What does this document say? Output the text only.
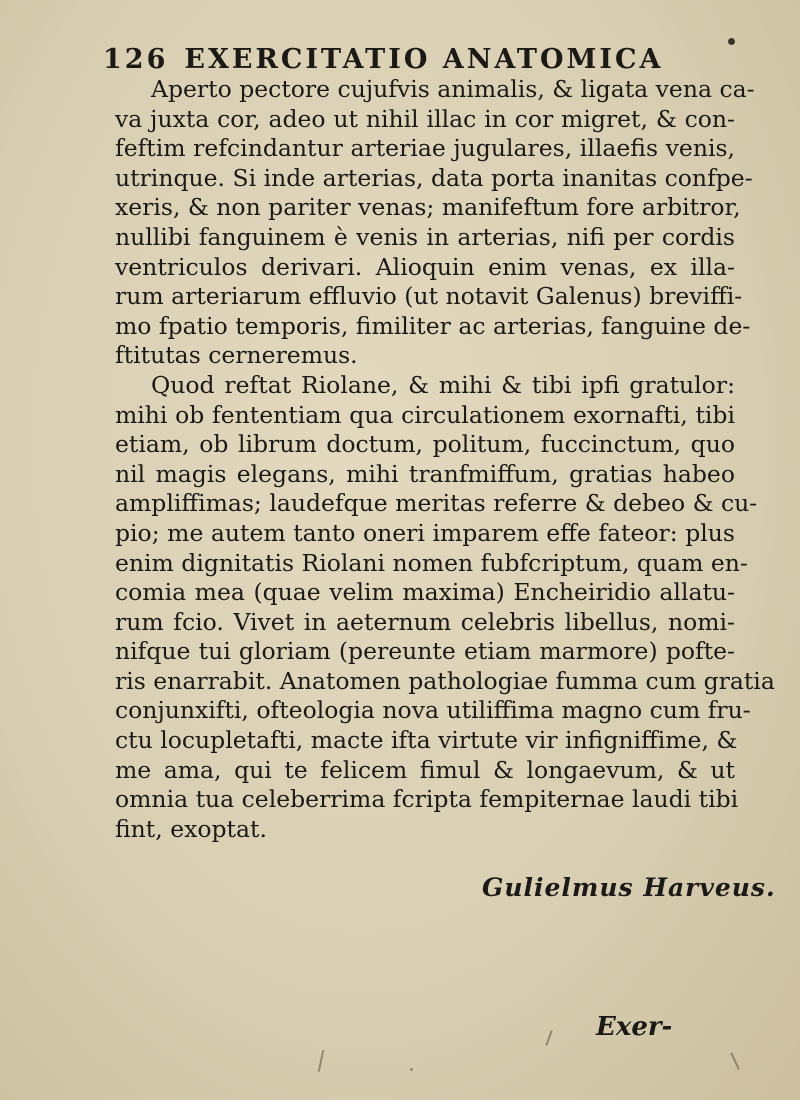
126 EXERCITATIO ANATOMICA
Aperto pectore cujufvis animalis, & ligata vena ca-
va juxta cor, adeo ut nihil illac in cor migret, & con-
feftim refcindantur arteriae jugulares, illaefis venis,
utrinque. Si inde arterias, data porta inanitas confpe-
xeris, & non pariter venas; manifeftum fore arbitror,
nullibi fanguinem è venis in arterias, nifi per cordis
ventriculos derivari. Alioquin enim venas, ex illa-
rum arteriarum effluvio (ut notavit Galenus) breviffi-
mo fpatio temporis, fimiliter ac arterias, fanguine de-
ftitutas cerneremus.
Quod reftat Riolane, & mihi & tibi ipfi gratulor:
mihi ob fententiam qua circulationem exornafti, tibi
etiam, ob librum doctum, politum, fuccinctum, quo
nil magis elegans, mihi tranfmiffum, gratias habeo
ampliffimas; laudefque meritas referre & debeo & cu-
pio; me autem tanto oneri imparem effe fateor: plus
enim dignitatis Riolani nomen fubfcriptum, quam en-
comia mea (quae velim maxima) Encheiridio allatu-
rum fcio. Vivet in aeternum celebris libellus, nomi-
nifque tui gloriam (pereunte etiam marmore) pofte-
ris enarrabit. Anatomen pathologiae fumma cum gratia
conjunxifti, ofteologia nova utiliffima magno cum fru-
ctu locupletafti, macte ifta virtute vir infigniffime, &
me ama, qui te felicem fimul & longaevum, & ut
omnia tua celeberrima fcripta fempiternae laudi tibi
fint, exoptat.
Gulielmus Harveus.
Exer-
